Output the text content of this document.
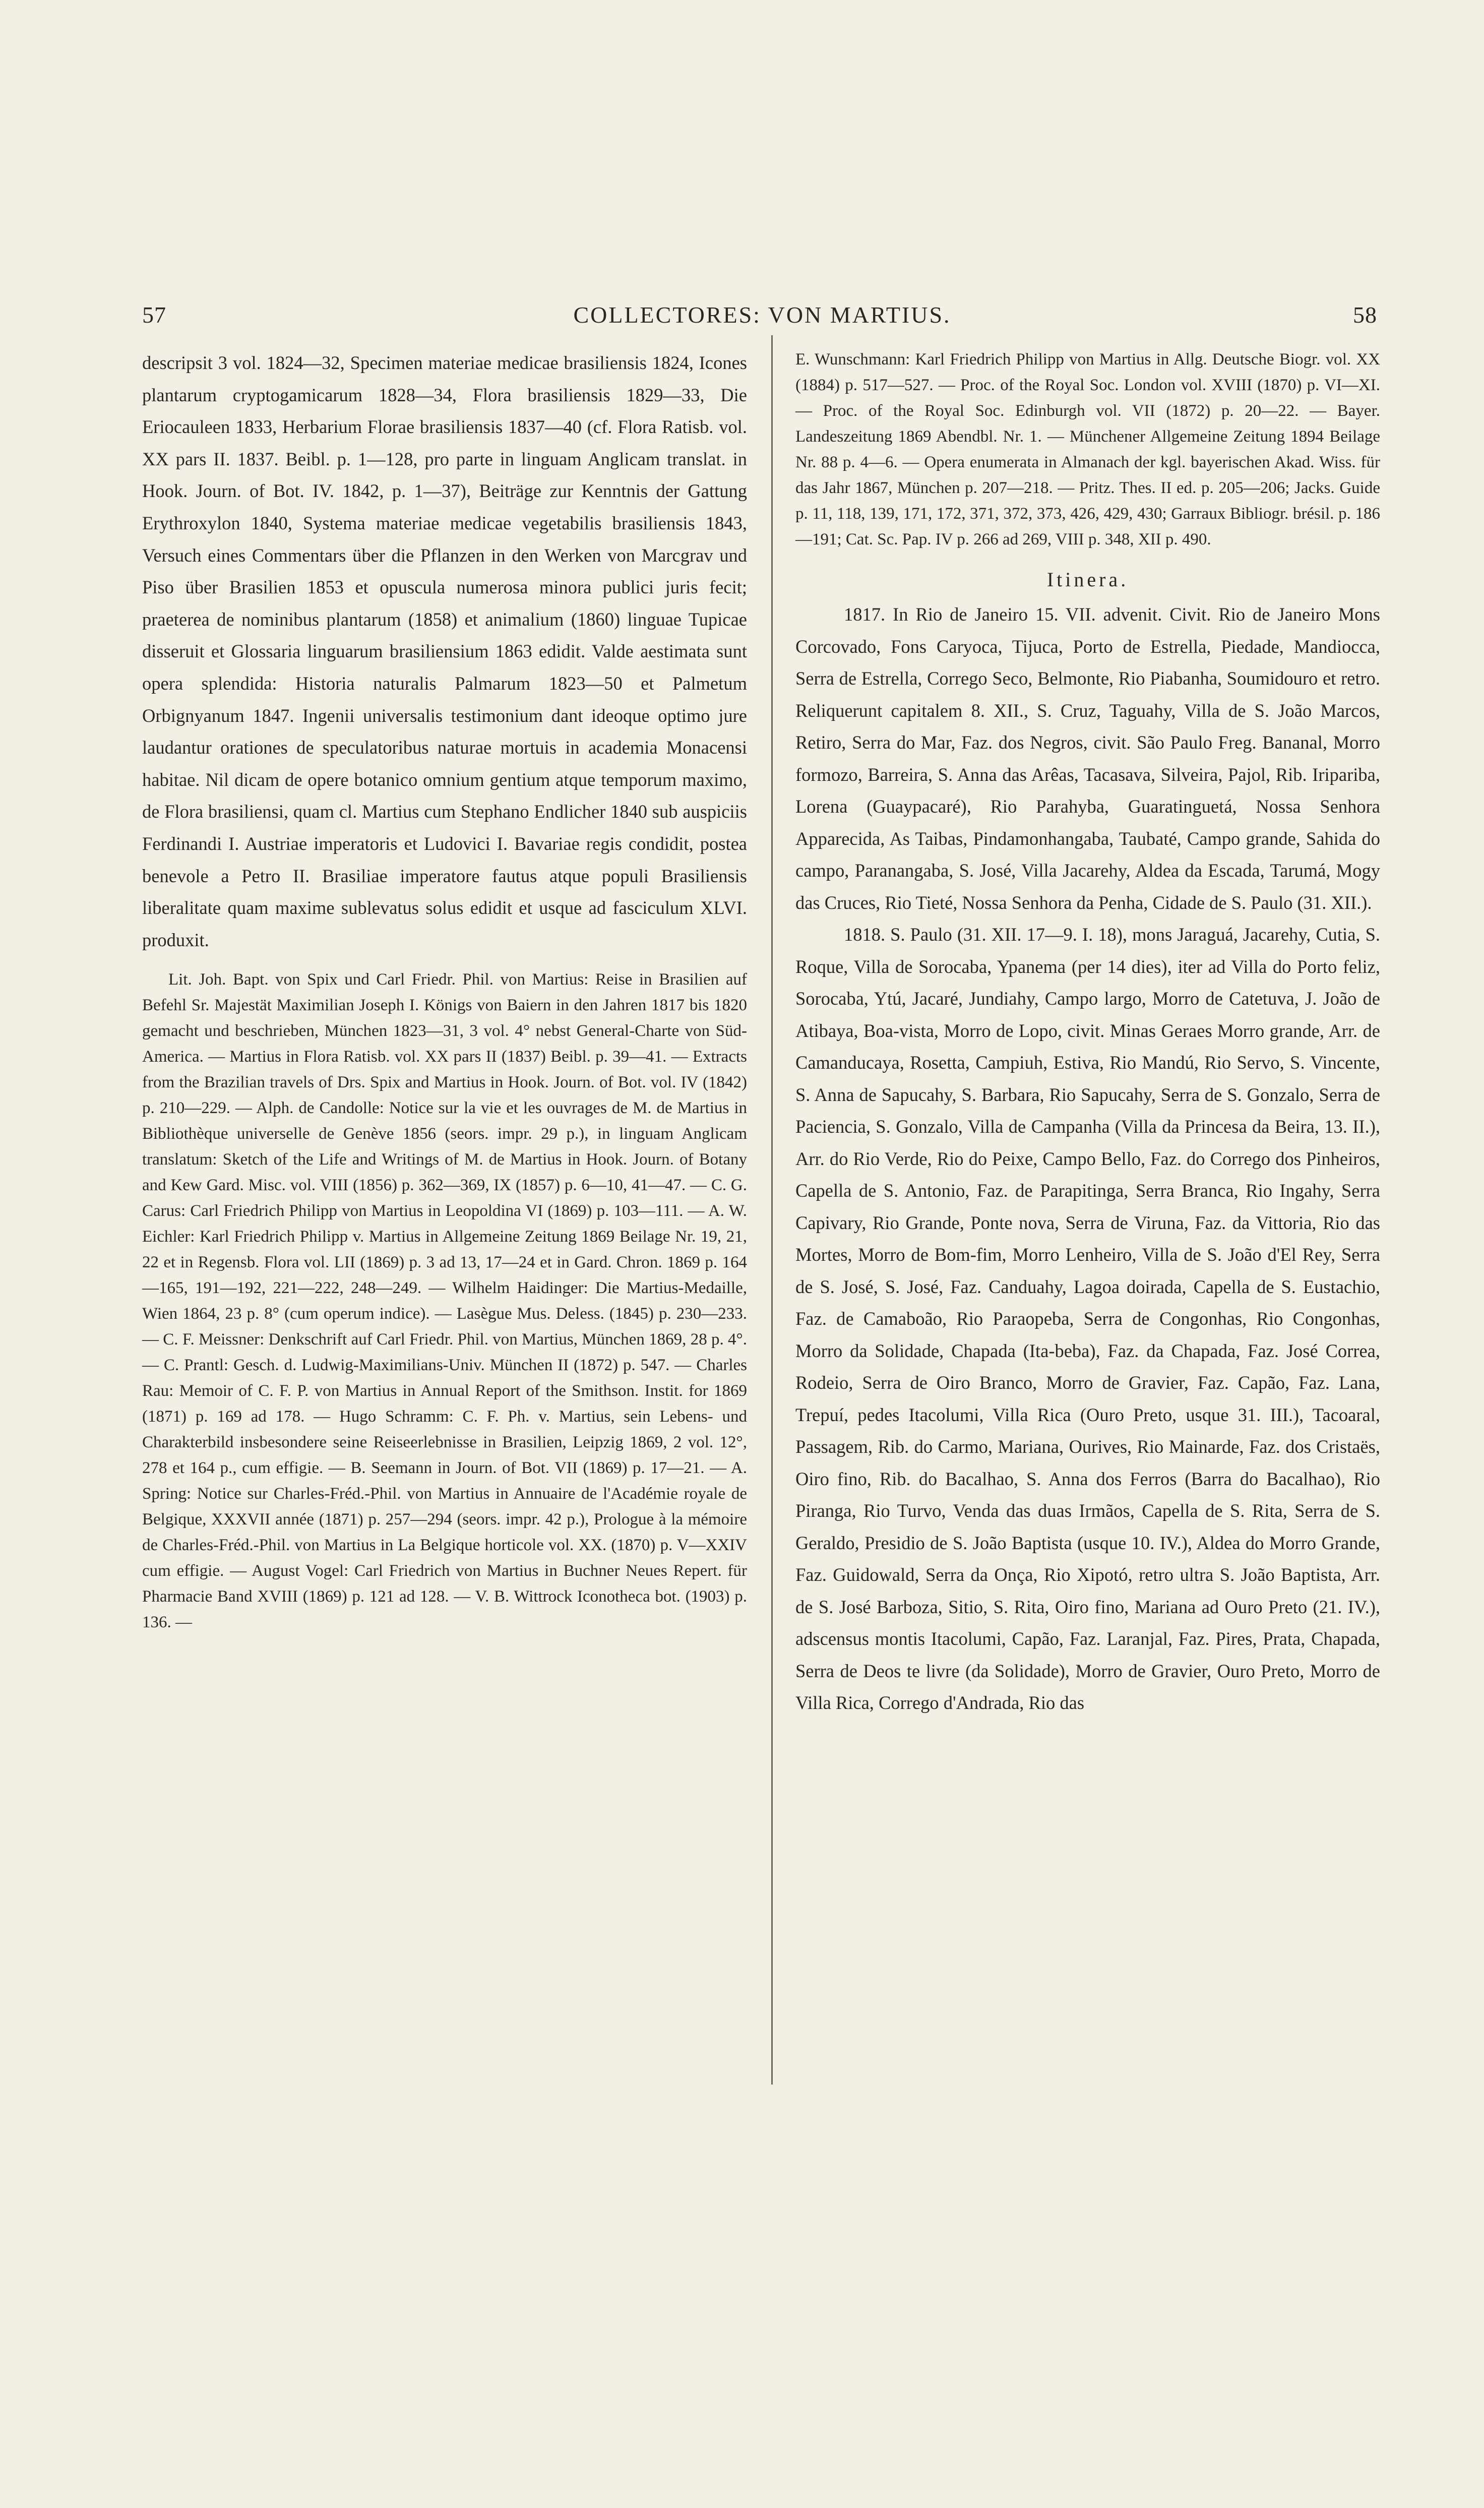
57	COLLECTORES: VON MARTIUS.	58

descripsit 3 vol. 1824—32, Specimen materiae medicae brasiliensis 1824, Icones plantarum cryptogamicarum 1828—34, Flora brasiliensis 1829—33, Die Eriocauleen 1833, Herbarium Florae brasiliensis 1837—40 (cf. Flora Ratisb. vol. XX pars II. 1837. Beibl. p. 1—128, pro parte in linguam Anglicam translat. in Hook. Journ. of Bot. IV. 1842, p. 1—37), Beiträge zur Kenntnis der Gattung Erythroxylon 1840, Systema materiae medicae vegetabilis brasiliensis 1843, Versuch eines Commentars über die Pflanzen in den Werken von Marcgrav und Piso über Brasilien 1853 et opuscula numerosa minora publici juris fecit; praeterea de nominibus plantarum (1858) et animalium (1860) linguae Tupicae disseruit et Glossaria linguarum brasiliensium 1863 edidit. Valde aestimata sunt opera splendida: Historia naturalis Palmarum 1823—50 et Palmetum Orbignyanum 1847. Ingenii universalis testimonium dant ideoque optimo jure laudantur orationes de speculatoribus naturae mortuis in academia Monacensi habitae. Nil dicam de opere botanico omnium gentium atque temporum maximo, de Flora brasiliensi, quam cl. Martius cum Stephano Endlicher 1840 sub auspiciis Ferdinandi I. Austriae imperatoris et Ludovici I. Bavariae regis condidit, postea benevole a Petro II. Brasiliae imperatore fautus atque populi Brasiliensis liberalitate quam maxime sublevatus solus edidit et usque ad fasciculum XLVI. produxit.

Lit. Joh. Bapt. von Spix und Carl Friedr. Phil. von Martius: Reise in Brasilien auf Befehl Sr. Majestät Maximilian Joseph I. Königs von Baiern in den Jahren 1817 bis 1820 gemacht und beschrieben, München 1823—31, 3 vol. 4° nebst General-Charte von Süd-America. — Martius in Flora Ratisb. vol. XX pars II (1837) Beibl. p. 39—41. — Extracts from the Brazilian travels of Drs. Spix and Martius in Hook. Journ. of Bot. vol. IV (1842) p. 210—229. — Alph. de Candolle: Notice sur la vie et les ouvrages de M. de Martius in Bibliothèque universelle de Genève 1856 (seors. impr. 29 p.), in linguam Anglicam translatum: Sketch of the Life and Writings of M. de Martius in Hook. Journ. of Botany and Kew Gard. Misc. vol. VIII (1856) p. 362—369, IX (1857) p. 6—10, 41—47. — C. G. Carus: Carl Friedrich Philipp von Martius in Leopoldina VI (1869) p. 103—111. — A. W. Eichler: Karl Friedrich Philipp v. Martius in Allgemeine Zeitung 1869 Beilage Nr. 19, 21, 22 et in Regensb. Flora vol. LII (1869) p. 3 ad 13, 17—24 et in Gard. Chron. 1869 p. 164—165, 191—192, 221—222, 248—249. — Wilhelm Haidinger: Die Martius-Medaille, Wien 1864, 23 p. 8° (cum operum indice). — Lasègue Mus. Deless. (1845) p. 230—233. — C. F. Meissner: Denkschrift auf Carl Friedr. Phil. von Martius, München 1869, 28 p. 4°. — C. Prantl: Gesch. d. Ludwig-Maximilians-Univ. München II (1872) p. 547. — Charles Rau: Memoir of C. F. P. von Martius in Annual Report of the Smithson. Instit. for 1869 (1871) p. 169 ad 178. — Hugo Schramm: C. F. Ph. v. Martius, sein Lebens- und Charakterbild insbesondere seine Reiseerlebnisse in Brasilien, Leipzig 1869, 2 vol. 12°, 278 et 164 p., cum effigie. — B. Seemann in Journ. of Bot. VII (1869) p. 17—21. — A. Spring: Notice sur Charles-Fréd.-Phil. von Martius in Annuaire de l'Académie royale de Belgique, XXXVII année (1871) p. 257—294 (seors. impr. 42 p.), Prologue à la mémoire de Charles-Fréd.-Phil. von Martius in La Belgique horticole vol. XX. (1870) p. V—XXIV cum effigie. — August Vogel: Carl Friedrich von Martius in Buchner Neues Repert. für Pharmacie Band XVIII (1869) p. 121 ad 128. — V. B. Wittrock Iconotheca bot. (1903) p. 136. —

E. Wunschmann: Karl Friedrich Philipp von Martius in Allg. Deutsche Biogr. vol. XX (1884) p. 517—527. — Proc. of the Royal Soc. London vol. XVIII (1870) p. VI—XI. — Proc. of the Royal Soc. Edinburgh vol. VII (1872) p. 20—22. — Bayer. Landeszeitung 1869 Abendbl. Nr. 1. — Münchener Allgemeine Zeitung 1894 Beilage Nr. 88 p. 4—6. — Opera enumerata in Almanach der kgl. bayerischen Akad. Wiss. für das Jahr 1867, München p. 207—218. — Pritz. Thes. II ed. p. 205—206; Jacks. Guide p. 11, 118, 139, 171, 172, 371, 372, 373, 426, 429, 430; Garraux Bibliogr. brésil. p. 186—191; Cat. Sc. Pap. IV p. 266 ad 269, VIII p. 348, XII p. 490.

Itinera.

1817. In Rio de Janeiro 15. VII. advenit. Civit. Rio de Janeiro Mons Corcovado, Fons Caryoca, Tijuca, Porto de Estrella, Piedade, Mandiocca, Serra de Estrella, Corrego Seco, Belmonte, Rio Piabanha, Soumidouro et retro. Reliquerunt capitalem 8. XII., S. Cruz, Taguahy, Villa de S. João Marcos, Retiro, Serra do Mar, Faz. dos Negros, civit. São Paulo Freg. Bananal, Morro formozo, Barreira, S. Anna das Arêas, Tacasava, Silveira, Pajol, Rib. Iripariba, Lorena (Guaypacaré), Rio Parahyba, Guaratinguetá, Nossa Senhora Apparecida, As Taibas, Pindamonhangaba, Taubaté, Campo grande, Sahida do campo, Paranangaba, S. José, Villa Jacarehy, Aldea da Escada, Tarumá, Mogy das Cruces, Rio Tieté, Nossa Senhora da Penha, Cidade de S. Paulo (31. XII.).

1818. S. Paulo (31. XII. 17—9. I. 18), mons Jaraguá, Jacarehy, Cutia, S. Roque, Villa de Sorocaba, Ypanema (per 14 dies), iter ad Villa do Porto feliz, Sorocaba, Ytú, Jacaré, Jundiahy, Campo largo, Morro de Catetuva, J. João de Atibaya, Boa-vista, Morro de Lopo, civit. Minas Geraes Morro grande, Arr. de Camanducaya, Rosetta, Campiuh, Estiva, Rio Mandú, Rio Servo, S. Vincente, S. Anna de Sapucahy, S. Barbara, Rio Sapucahy, Serra de S. Gonzalo, Serra de Paciencia, S. Gonzalo, Villa de Campanha (Villa da Princesa da Beira, 13. II.), Arr. do Rio Verde, Rio do Peixe, Campo Bello, Faz. do Corrego dos Pinheiros, Capella de S. Antonio, Faz. de Parapitinga, Serra Branca, Rio Ingahy, Serra Capivary, Rio Grande, Ponte nova, Serra de Viruna, Faz. da Vittoria, Rio das Mortes, Morro de Bom-fim, Morro Lenheiro, Villa de S. João d'El Rey, Serra de S. José, S. José, Faz. Canduahy, Lagoa doirada, Capella de S. Eustachio, Faz. de Camaboão, Rio Paraopeba, Serra de Congonhas, Rio Congonhas, Morro da Solidade, Chapada (Ita-beba), Faz. da Chapada, Faz. José Correa, Rodeio, Serra de Oiro Branco, Morro de Gravier, Faz. Capão, Faz. Lana, Trepuí, pedes Itacolumi, Villa Rica (Ouro Preto, usque 31. III.), Tacoaral, Passagem, Rib. do Carmo, Mariana, Ourives, Rio Mainarde, Faz. dos Cristaës, Oiro fino, Rib. do Bacalhao, S. Anna dos Ferros (Barra do Bacalhao), Rio Piranga, Rio Turvo, Venda das duas Irmãos, Capella de S. Rita, Serra de S. Geraldo, Presidio de S. João Baptista (usque 10. IV.), Aldea do Morro Grande, Faz. Guidowald, Serra da Onça, Rio Xipotó, retro ultra S. João Baptista, Arr. de S. José Barboza, Sitio, S. Rita, Oiro fino, Mariana ad Ouro Preto (21. IV.), adscensus montis Itacolumi, Capão, Faz. Laranjal, Faz. Pires, Prata, Chapada, Serra de Deos te livre (da Solidade), Morro de Gravier, Ouro Preto, Morro de Villa Rica, Corrego d'Andrada, Rio das
